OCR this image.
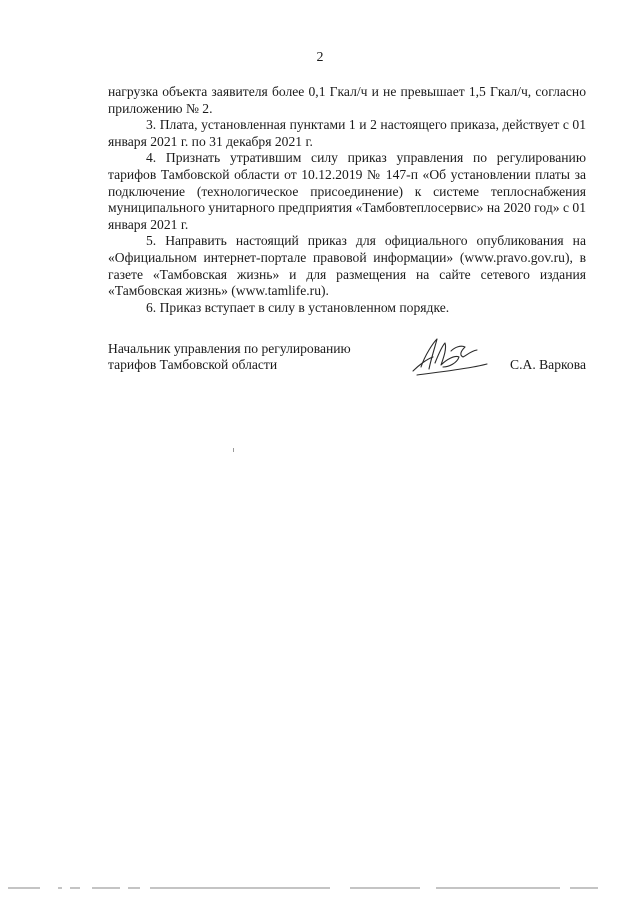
2

нагрузка объекта заявителя более 0,1 Гкал/ч и не превышает 1,5 Гкал/ч, согласно приложению № 2.

3. Плата, установленная пунктами 1 и 2 настоящего приказа, действует с 01 января 2021 г. по 31 декабря 2021 г.

4. Признать утратившим силу приказ управления по регулированию тарифов Тамбовской области от 10.12.2019 № 147-п «Об установлении платы за подключение (технологическое присоединение) к системе теплоснабжения муниципального унитарного предприятия «Тамбовтеплосервис» на 2020 год» с 01 января 2021 г.

5. Направить настоящий приказ для официального опубликования на «Официальном интернет-портале правовой информации» (www.pravo.gov.ru), в газете «Тамбовская жизнь» и для размещения на сайте сетевого издания «Тамбовская жизнь» (www.tamlife.ru).

6. Приказ вступает в силу в установленном порядке.

Начальник управления по регулированию
тарифов Тамбовской области	С.А. Варкова
